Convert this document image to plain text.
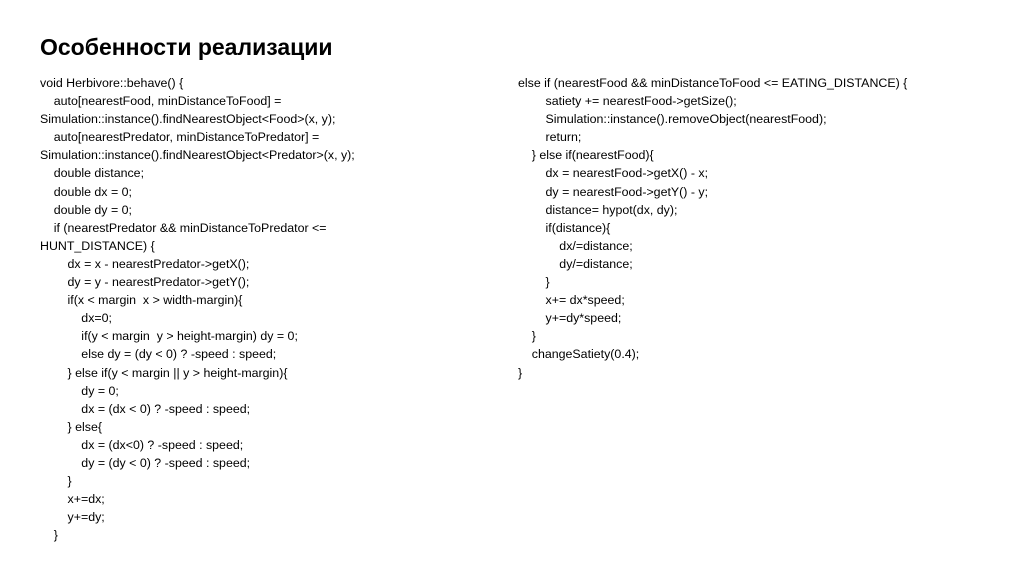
Особенности реализации
void Herbivore::behave() {
auto[nearestFood, minDistanceToFood] =
Simulation::instance().findNearestObject<Food>(x, y);
auto[nearestPredator, minDistanceToPredator] =
Simulation::instance().findNearestObject<Predator>(x, y);
double distance;
double dx = 0;
double dy = 0;
if (nearestPredator && minDistanceToPredator <=
HUNT_DISTANCE) {
dx = x - nearestPredator->getX();
dy = y - nearestPredator->getY();
if(x < margin  x > width-margin){
dx=0;
if(y < margin  y > height-margin) dy = 0;
else dy = (dy < 0) ? -speed : speed;
} else if(y < margin || y > height-margin){
dy = 0;
dx = (dx < 0) ? -speed : speed;
} else{
dx = (dx<0) ? -speed : speed;
dy = (dy < 0) ? -speed : speed;
}
x+=dx;
y+=dy;
}
else if (nearestFood && minDistanceToFood <= EATING_DISTANCE) {
satiety += nearestFood->getSize();
Simulation::instance().removeObject(nearestFood);
return;
} else if(nearestFood){
dx = nearestFood->getX() - x;
dy = nearestFood->getY() - y;
distance= hypot(dx, dy);
if(distance){
dx/=distance;
dy/=distance;
}
x+= dx*speed;
y+=dy*speed;
}
changeSatiety(0.4);
}
